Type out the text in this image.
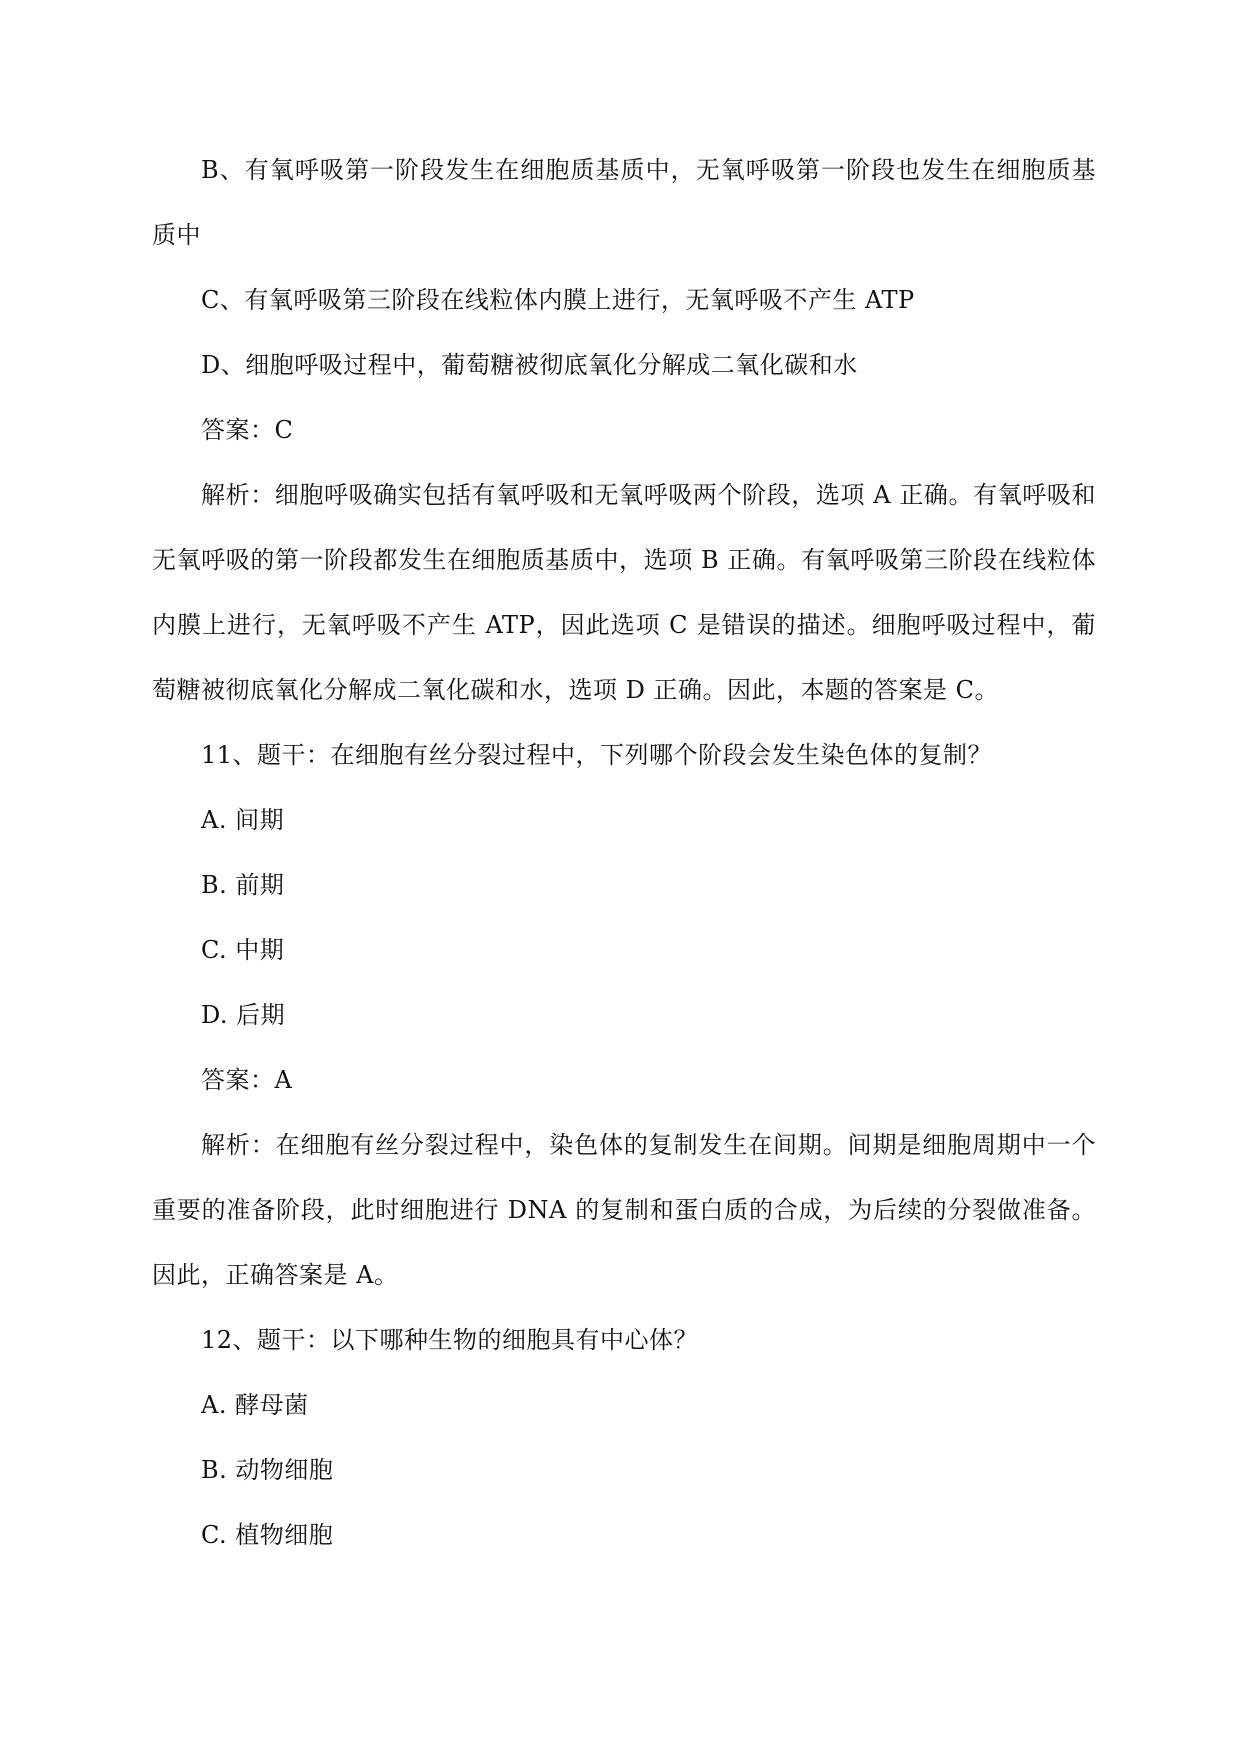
B、有氧呼吸第一阶段发生在细胞质基质中，无氧呼吸第一阶段也发生在细胞质基质中

C、有氧呼吸第三阶段在线粒体内膜上进行，无氧呼吸不产生 ATP

D、细胞呼吸过程中，葡萄糖被彻底氧化分解成二氧化碳和水

答案：C

解析：细胞呼吸确实包括有氧呼吸和无氧呼吸两个阶段，选项 A 正确。有氧呼吸和无氧呼吸的第一阶段都发生在细胞质基质中，选项 B 正确。有氧呼吸第三阶段在线粒体内膜上进行，无氧呼吸不产生 ATP，因此选项 C 是错误的描述。细胞呼吸过程中，葡萄糖被彻底氧化分解成二氧化碳和水，选项 D 正确。因此，本题的答案是 C。

11、题干：在细胞有丝分裂过程中，下列哪个阶段会发生染色体的复制？

A. 间期

B. 前期

C. 中期

D. 后期

答案：A

解析：在细胞有丝分裂过程中，染色体的复制发生在间期。间期是细胞周期中一个重要的准备阶段，此时细胞进行 DNA 的复制和蛋白质的合成，为后续的分裂做准备。因此，正确答案是 A。

12、题干：以下哪种生物的细胞具有中心体？

A. 酵母菌

B. 动物细胞

C. 植物细胞
